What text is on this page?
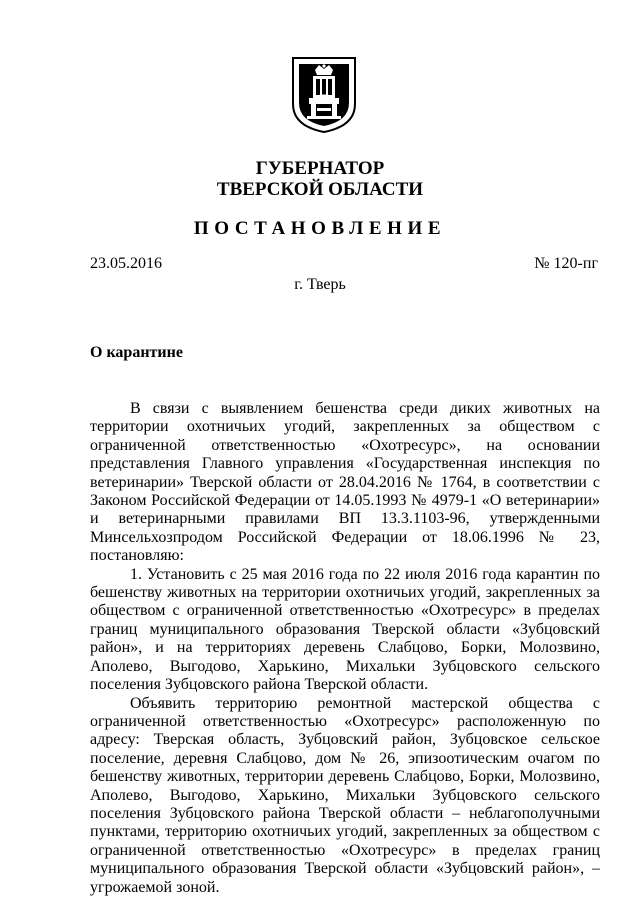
ГУБЕРНАТОР
ТВЕРСКОЙ ОБЛАСТИ
ПОСТАНОВЛЕНИЕ
23.05.2016	№ 120-пг
г. Тверь
О карантине

В связи с выявлением бешенства среди диких животных на территории охотничьих угодий, закрепленных за обществом с ограниченной ответственностью «Охотресурс», на основании представления Главного управления «Государственная инспекция по ветеринарии» Тверской области от 28.04.2016 № 1764, в соответствии с Законом Российской Федерации от 14.05.1993 № 4979-1 «О ветеринарии» и ветеринарными правилами ВП 13.3.1103-96, утвержденными Минсельхозпродом Российской Федерации от 18.06.1996 № 23, постановляю:

1. Установить с 25 мая 2016 года по 22 июля 2016 года карантин по бешенству животных на территории охотничьих угодий, закрепленных за обществом с ограниченной ответственностью «Охотресурс» в пределах границ муниципального образования Тверской области «Зубцовский район», и на территориях деревень Слабцово, Борки, Молозвино, Аполево, Выгодово, Харькино, Михальки Зубцовского сельского поселения Зубцовского района Тверской области.

Объявить территорию ремонтной мастерской общества с ограниченной ответственностью «Охотресурс» расположенную по адресу: Тверская область, Зубцовский район, Зубцовское сельское поселение, деревня Слабцово, дом № 26, эпизоотическим очагом по бешенству животных, территории деревень Слабцово, Борки, Молозвино, Аполево, Выгодово, Харькино, Михальки Зубцовского сельского поселения Зубцовского района Тверской области – неблагополучными пунктами, территорию охотничьих угодий, закрепленных за обществом с ограниченной ответственностью «Охотресурс» в пределах границ муниципального образования Тверской области «Зубцовский район», – угрожаемой зоной.
